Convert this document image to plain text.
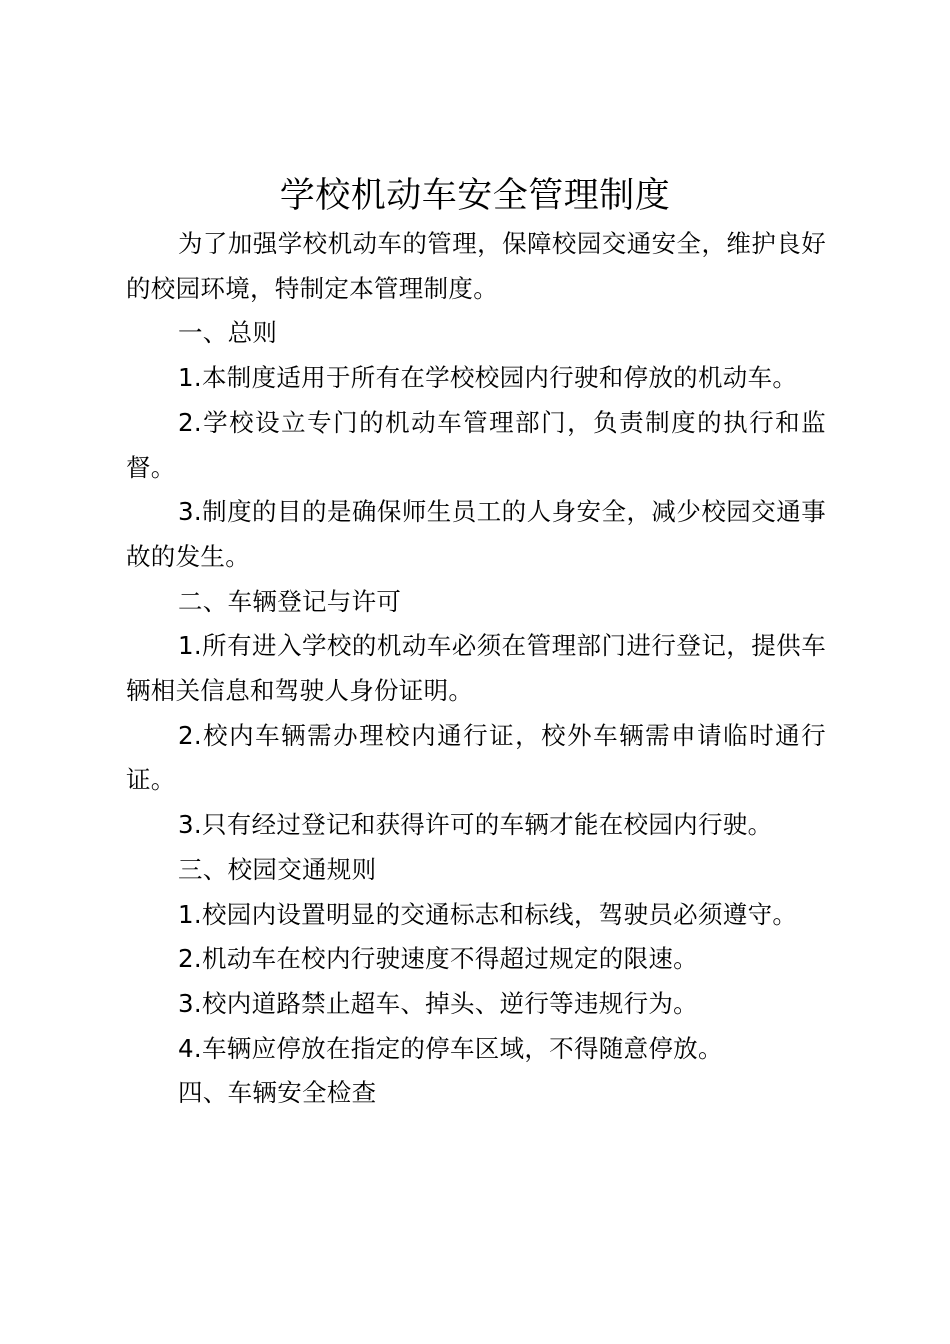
学校机动车安全管理制度

为了加强学校机动车的管理，保障校园交通安全，维护良好的校园环境，特制定本管理制度。

一、总则

1.本制度适用于所有在学校校园内行驶和停放的机动车。

2.学校设立专门的机动车管理部门，负责制度的执行和监督。

3.制度的目的是确保师生员工的人身安全，减少校园交通事故的发生。

二、车辆登记与许可

1.所有进入学校的机动车必须在管理部门进行登记，提供车辆相关信息和驾驶人身份证明。

2.校内车辆需办理校内通行证，校外车辆需申请临时通行证。

3.只有经过登记和获得许可的车辆才能在校园内行驶。

三、校园交通规则

1.校园内设置明显的交通标志和标线，驾驶员必须遵守。

2.机动车在校内行驶速度不得超过规定的限速。

3.校内道路禁止超车、掉头、逆行等违规行为。

4.车辆应停放在指定的停车区域，不得随意停放。

四、车辆安全检查
